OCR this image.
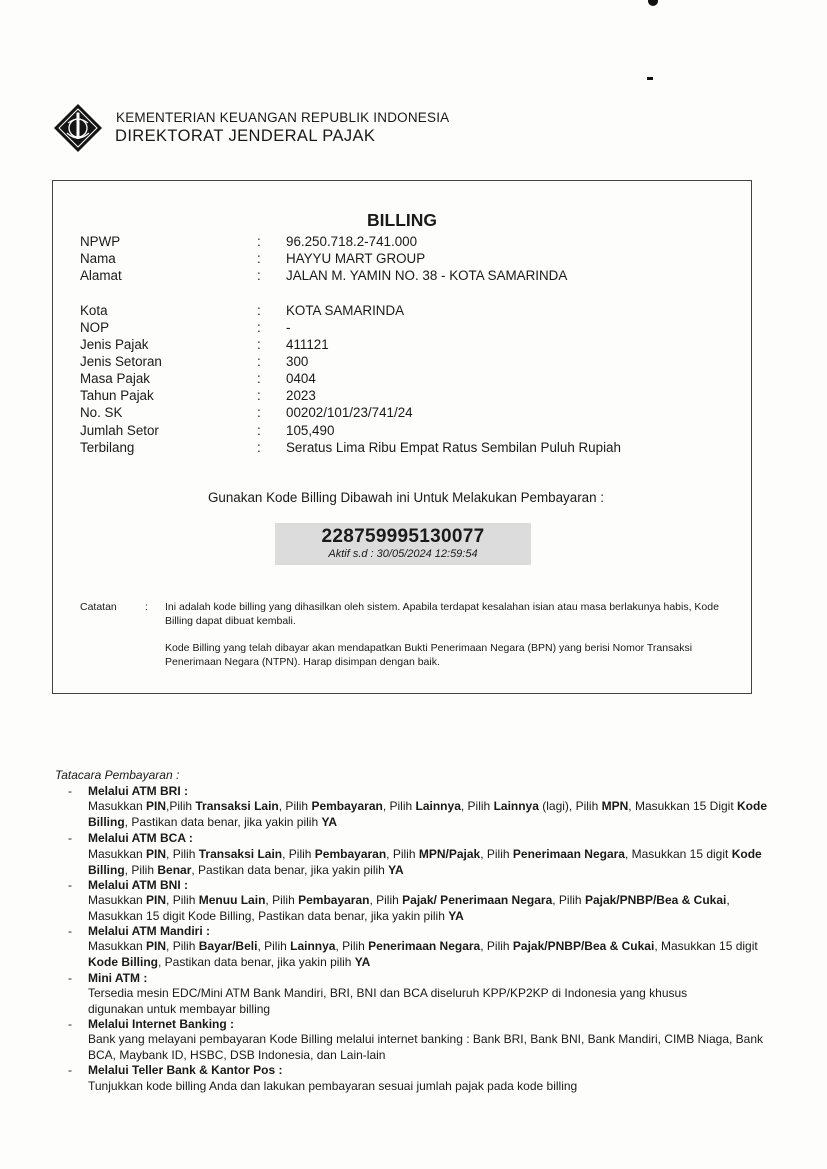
KEMENTERIAN KEUANGAN REPUBLIK INDONESIA
DIREKTORAT JENDERAL PAJAK
BILLING
NPWP	: 96.250.718.2-741.000
Nama	: HAYYU MART GROUP
Alamat	: JALAN M. YAMIN NO. 38 - KOTA SAMARINDA
Kota	: KOTA SAMARINDA
NOP	: -
Jenis Pajak	: 411121
Jenis Setoran	: 300
Masa Pajak	: 0404
Tahun Pajak	: 2023
No. SK	: 00202/101/23/741/24
Jumlah Setor	: 105,490
Terbilang	: Seratus Lima Ribu Empat Ratus Sembilan Puluh Rupiah
Gunakan Kode Billing Dibawah ini Untuk Melakukan Pembayaran :
228759995130077
Aktif s.d : 30/05/2024 12:59:54
Catatan	: Ini adalah kode billing yang dihasilkan oleh sistem. Apabila terdapat kesalahan isian atau masa berlakunya habis, Kode Billing dapat dibuat kembali.
Kode Billing yang telah dibayar akan mendapatkan Bukti Penerimaan Negara (BPN) yang berisi Nomor Transaksi Penerimaan Negara (NTPN). Harap disimpan dengan baik.
Tatacara Pembayaran :
- Melalui ATM BRI :
Masukkan PIN,Pilih Transaksi Lain, Pilih Pembayaran, Pilih Lainnya, Pilih Lainnya (lagi), Pilih MPN, Masukkan 15 Digit Kode Billing, Pastikan data benar, jika yakin pilih YA
- Melalui ATM BCA :
Masukkan PIN, Pilih Transaksi Lain, Pilih Pembayaran, Pilih MPN/Pajak, Pilih Penerimaan Negara, Masukkan 15 digit Kode Billing, Pilih Benar, Pastikan data benar, jika yakin pilih YA
- Melalui ATM BNI :
Masukkan PIN, Pilih Menuu Lain, Pilih Pembayaran, Pilih Pajak/ Penerimaan Negara, Pilih Pajak/PNBP/Bea & Cukai, Masukkan 15 digit Kode Billing, Pastikan data benar, jika yakin pilih YA
- Melalui ATM Mandiri :
Masukkan PIN, Pilih Bayar/Beli, Pilih Lainnya, Pilih Penerimaan Negara, Pilih Pajak/PNBP/Bea & Cukai, Masukkan 15 digit Kode Billing, Pastikan data benar, jika yakin pilih YA
- Mini ATM :
Tersedia mesin EDC/Mini ATM Bank Mandiri, BRI, BNI dan BCA diseluruh KPP/KP2KP di Indonesia yang khusus digunakan untuk membayar billing
- Melalui Internet Banking :
Bank yang melayani pembayaran Kode Billing melalui internet banking : Bank BRI, Bank BNI, Bank Mandiri, CIMB Niaga, Bank BCA, Maybank ID, HSBC, DSB Indonesia, dan Lain-lain
- Melalui Teller Bank & Kantor Pos :
Tunjukkan kode billing Anda dan lakukan pembayaran sesuai jumlah pajak pada kode billing
